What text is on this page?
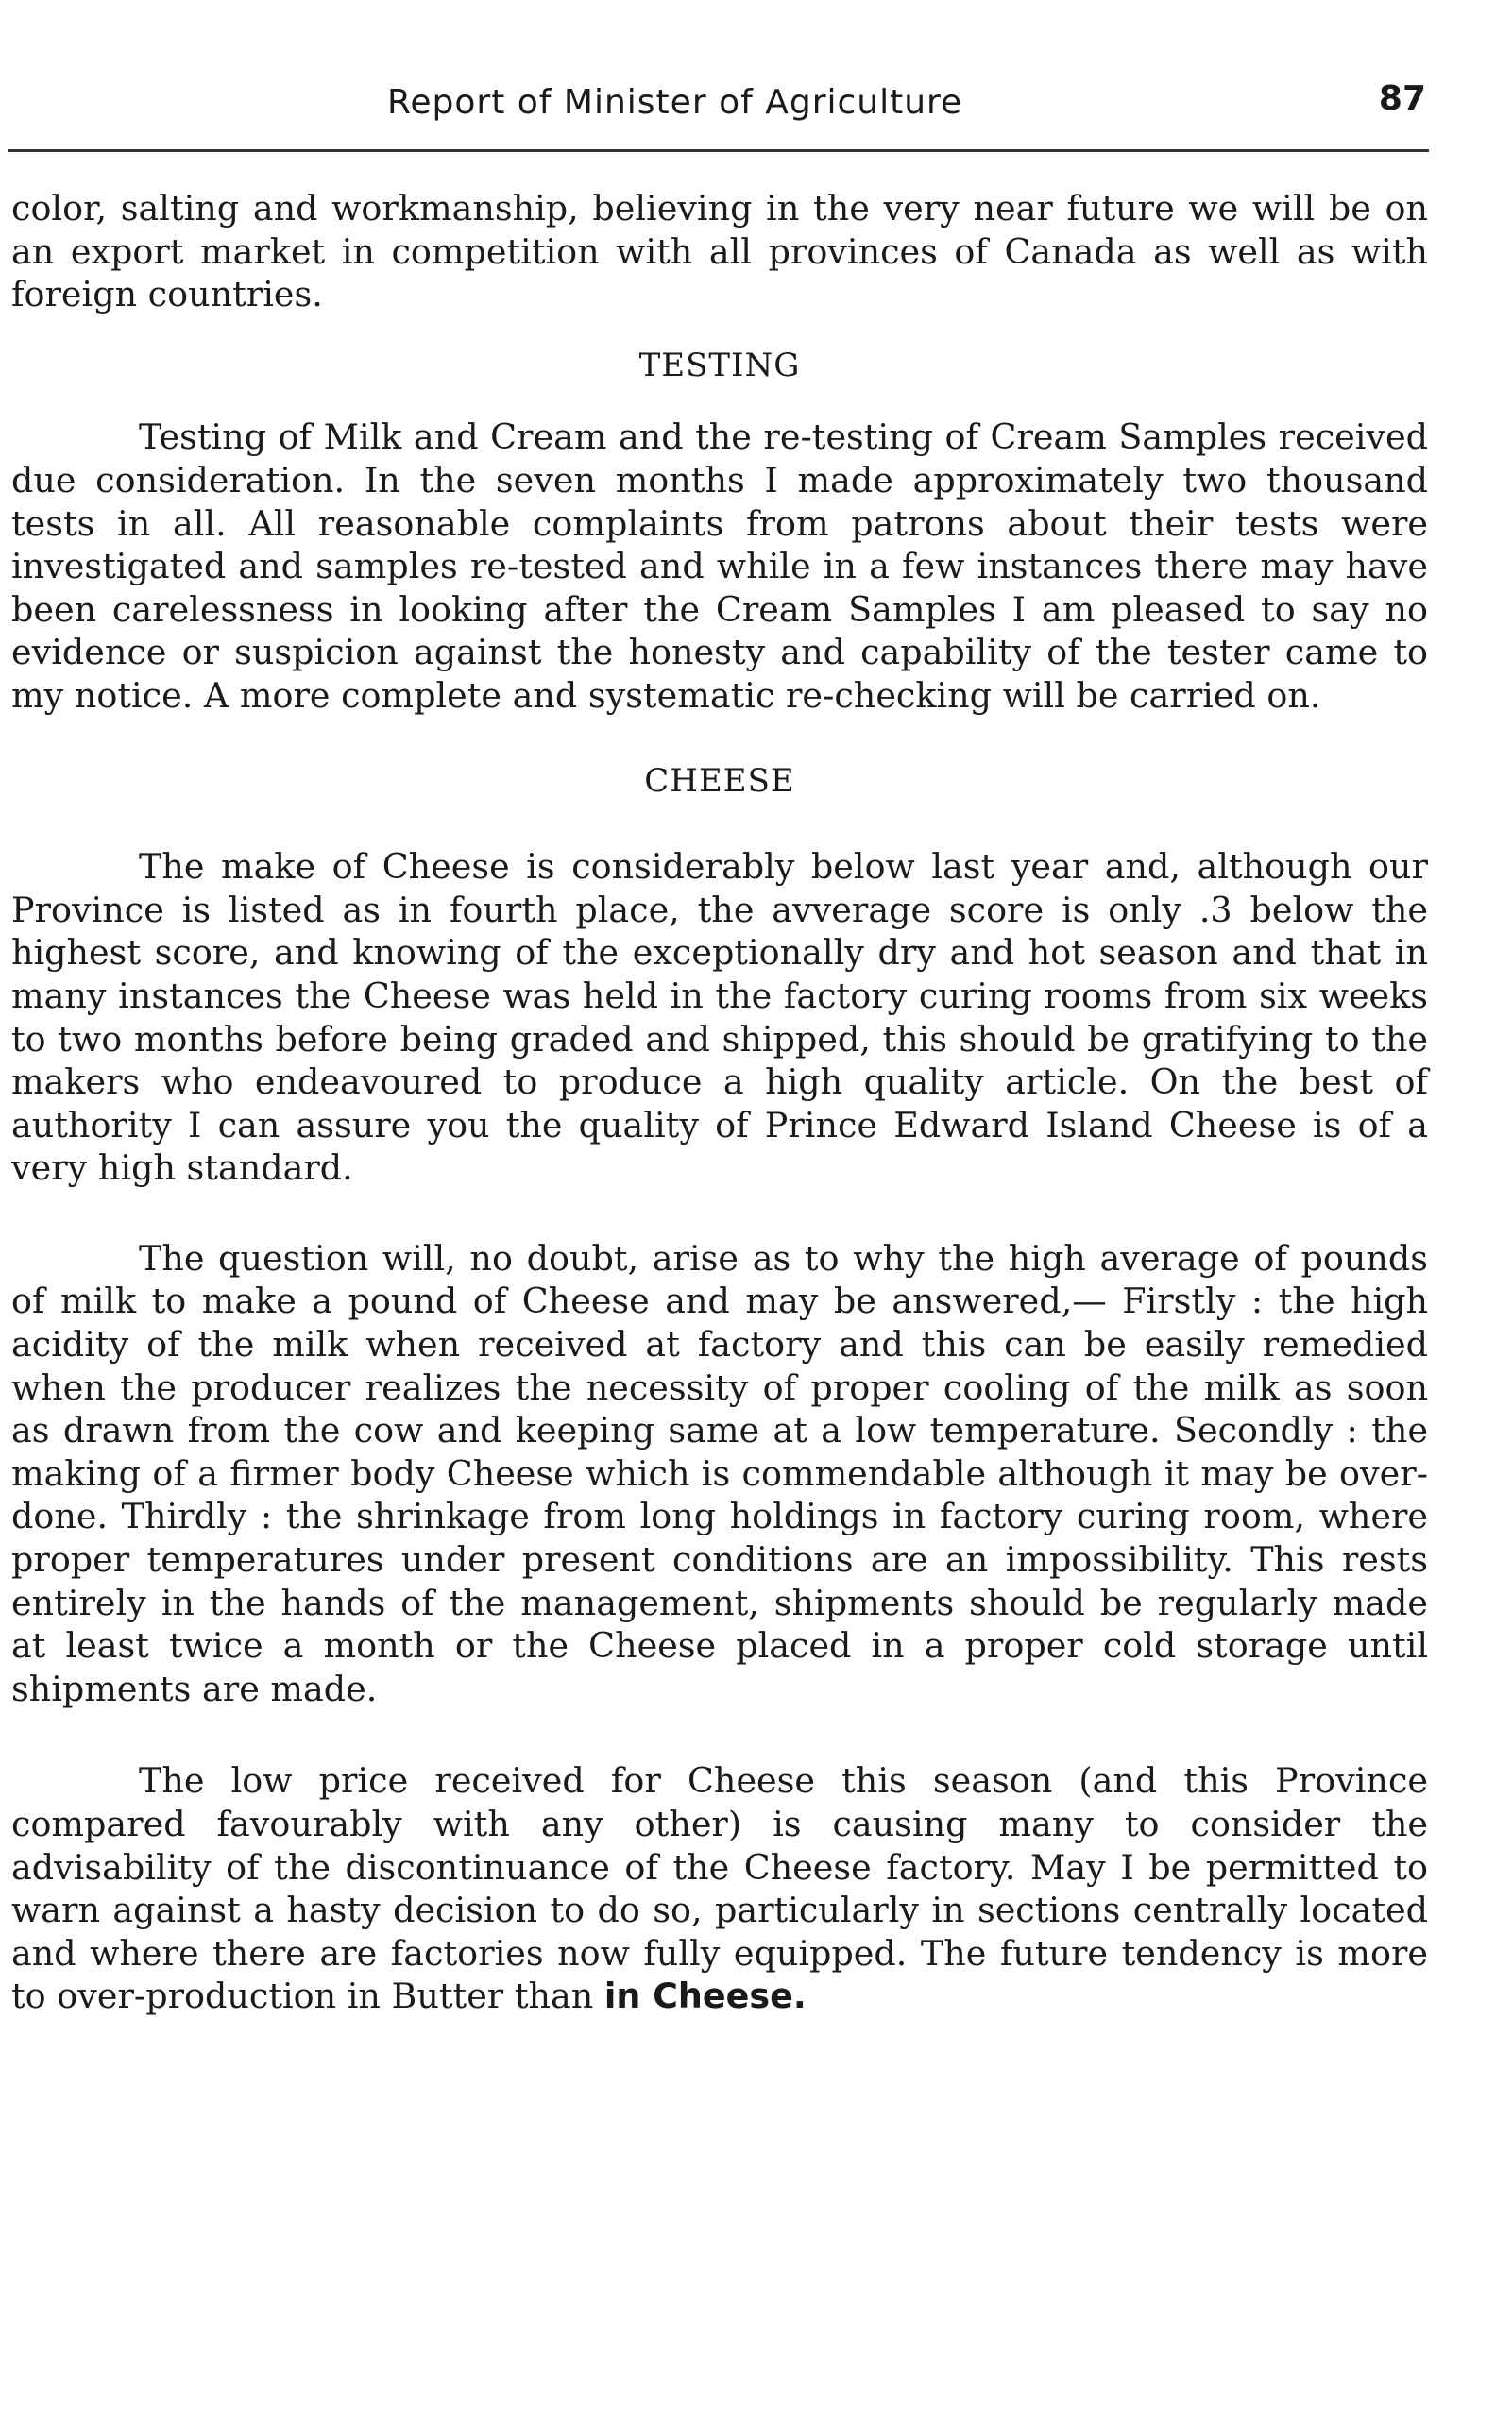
Report of Minister of Agriculture	87

color, salting and workmanship, believing in the very near future we will be on an export market in competition with all provinces of Canada as well as with foreign countries.

TESTING

Testing of Milk and Cream and the re-testing of Cream Samples received due consideration. In the seven months I made approximately two thousand tests in all. All reasonable complaints from patrons about their tests were investigated and samples re-tested and while in a few instances there may have been carelessness in looking after the Cream Samples I am pleased to say no evidence or suspicion against the honesty and capability of the tester came to my notice. A more complete and systematic re-checking will be carried on.

CHEESE

The make of Cheese is considerably below last year and, although our Province is listed as in fourth place, the avverage score is only .3 below the highest score, and knowing of the exceptionally dry and hot season and that in many instances the Cheese was held in the factory curing rooms from six weeks to two months before being graded and shipped, this should be gratifying to the makers who endeavoured to produce a high quality article. On the best of authority I can assure you the quality of Prince Edward Island Cheese is of a very high standard.

The question will, no doubt, arise as to why the high average of pounds of milk to make a pound of Cheese and may be answered,— Firstly : the high acidity of the milk when received at factory and this can be easily remedied when the producer realizes the necessity of proper cooling of the milk as soon as drawn from the cow and keeping same at a low temperature. Secondly : the making of a firmer body Cheese which is commendable although it may be over-done. Thirdly : the shrinkage from long holdings in factory curing room, where proper temperatures under present conditions are an impossibility. This rests entirely in the hands of the management, shipments should be regularly made at least twice a month or the Cheese placed in a proper cold storage until shipments are made.

The low price received for Cheese this season (and this Province compared favourably with any other) is causing many to consider the advisability of the discontinuance of the Cheese factory. May I be permitted to warn against a hasty decision to do so, particularly in sections centrally located and where there are factories now fully equipped. The future tendency is more to over-production in Butter than in Cheese.
